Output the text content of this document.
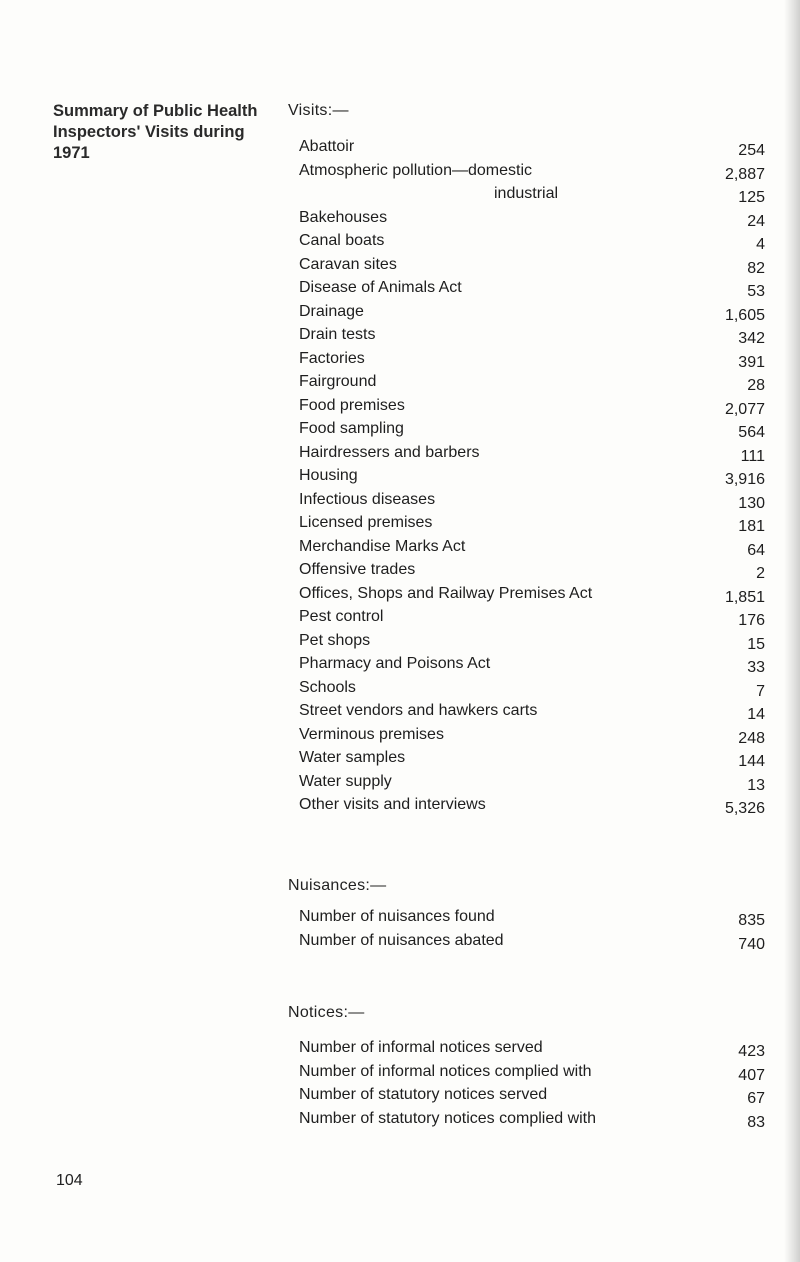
Summary of Public Health
Inspectors' Visits during
1971
Visits:—
Abattoir	254
Atmospheric pollution—domestic	2,887
industrial	125
Bakehouses	24
Canal boats	4
Caravan sites	82
Disease of Animals Act	53
Drainage	1,605
Drain tests	342
Factories	391
Fairground	28
Food premises	2,077
Food sampling	564
Hairdressers and barbers	111
Housing	3,916
Infectious diseases	130
Licensed premises	181
Merchandise Marks Act	64
Offensive trades	2
Offices, Shops and Railway Premises Act	1,851
Pest control	176
Pet shops	15
Pharmacy and Poisons Act	33
Schools	7
Street vendors and hawkers carts	14
Verminous premises	248
Water samples	144
Water supply	13
Other visits and interviews	5,326
Nuisances:—
Number of nuisances found	835
Number of nuisances abated	740
Notices:—
Number of informal notices served	423
Number of informal notices complied with	407
Number of statutory notices served	67
Number of statutory notices complied with	83
104
